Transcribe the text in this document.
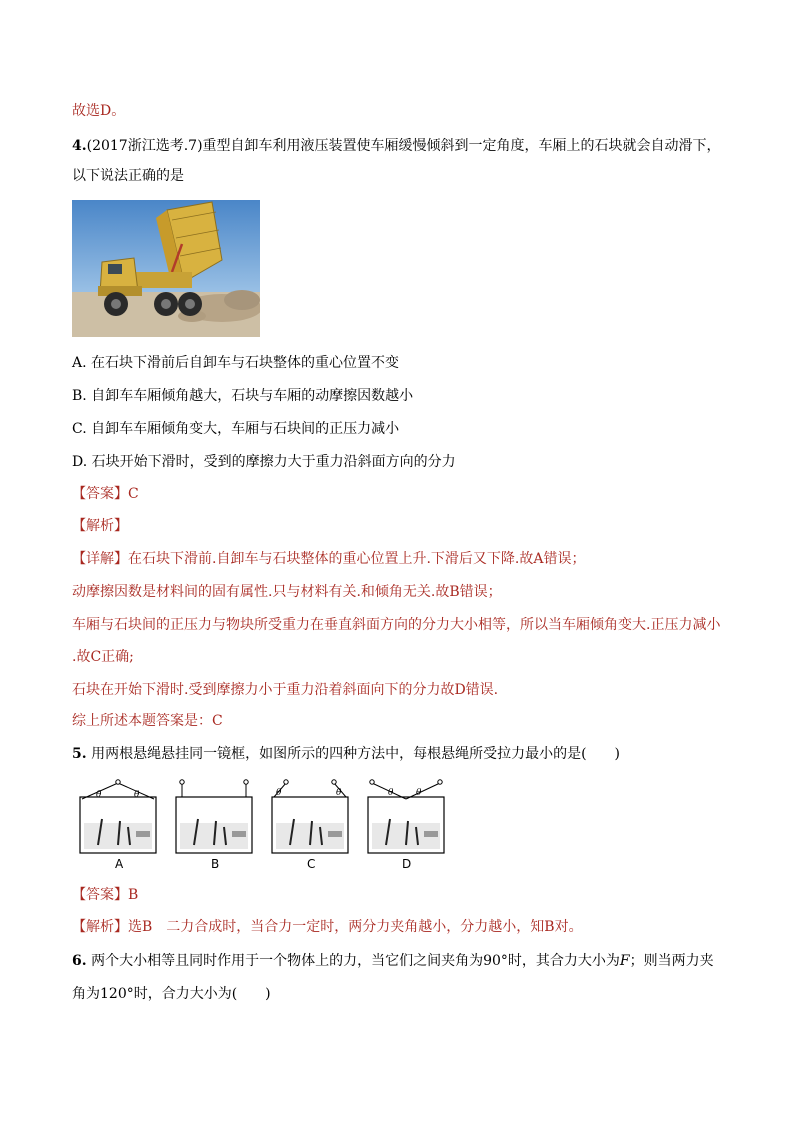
故选D。
4.(2017浙江选考.7)重型自卸车利用液压装置使车厢缓慢倾斜到一定角度，车厢上的石块就会自动滑下，
以下说法正确的是
A. 在石块下滑前后自卸车与石块整体的重心位置不变
B. 自卸车车厢倾角越大，石块与车厢的动摩擦因数越小
C. 自卸车车厢倾角变大，车厢与石块间的正压力减小
D. 石块开始下滑时，受到的摩擦力大于重力沿斜面方向的分力
【答案】C
【解析】
【详解】在石块下滑前.自卸车与石块整体的重心位置上升.下滑后又下降.故A错误；
动摩擦因数是材料间的固有属性.只与材料有关.和倾角无关.故B错误；
车厢与石块间的正压力与物块所受重力在垂直斜面方向的分力大小相等，所以当车厢倾角变大.正压力减小
.故C正确;
石块在开始下滑时.受到摩擦力小于重力沿着斜面向下的分力故D错误.
综上所述本题答案是：C
5. 用两根悬绳悬挂同一镜框，如图所示的四种方法中，每根悬绳所受拉力最小的是(　　)
θ	θ
A	B
θ	θ
C
θ	θ
D
【答案】B
【解析】选B　二力合成时，当合力一定时，两分力夹角越小，分力越小，知B对。
6. 两个大小相等且同时作用于一个物体上的力，当它们之间夹角为90°时，其合力大小为F；则当两力夹
角为120°时，合力大小为(　　)
